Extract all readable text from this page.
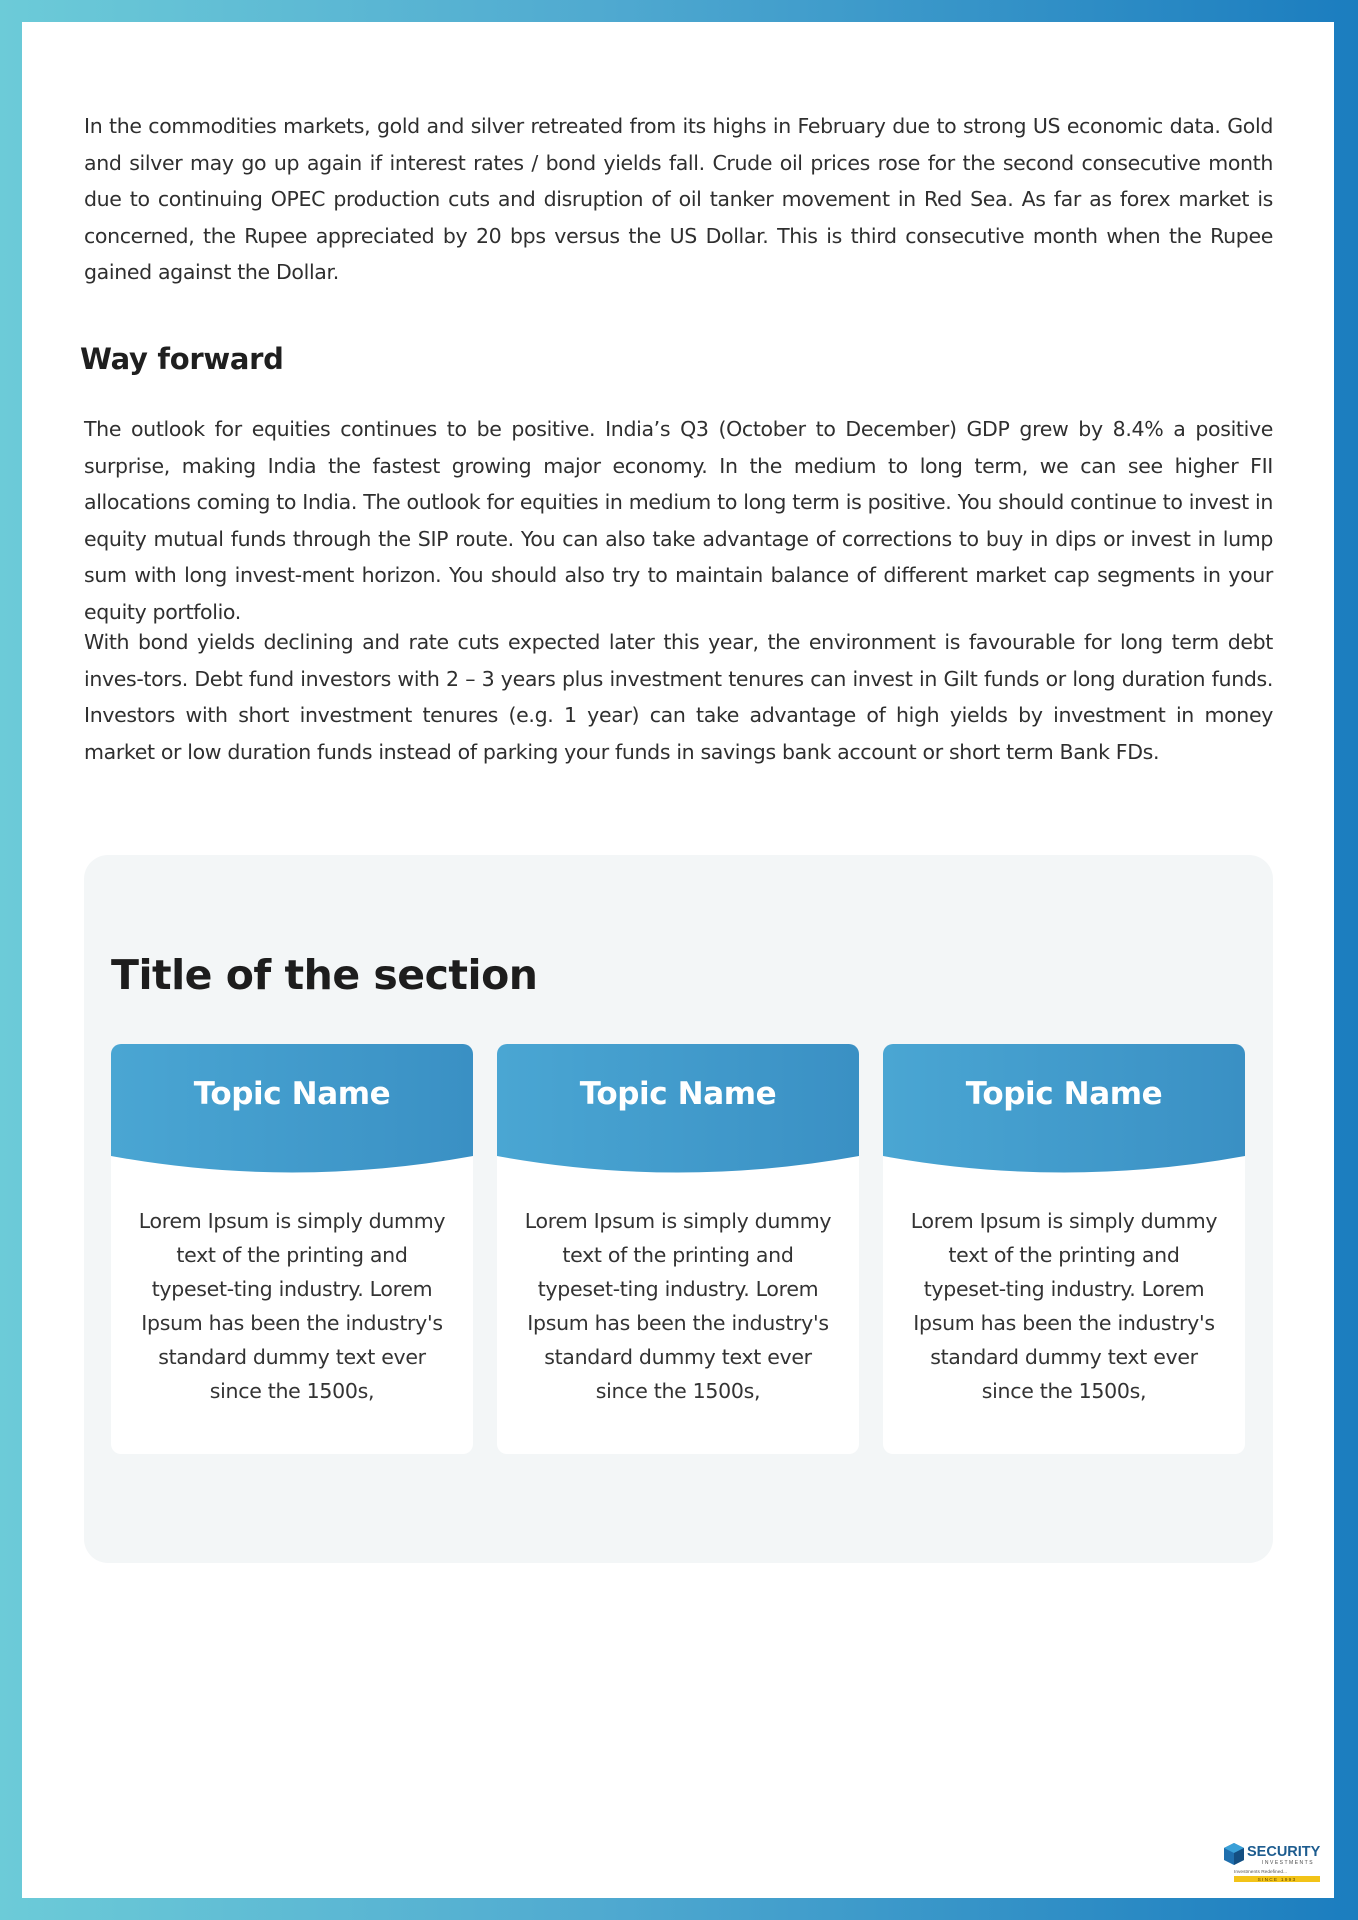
In the commodities markets, gold and silver retreated from its highs in February due to strong US economic data. Gold and silver may go up again if interest rates / bond yields fall. Crude oil prices rose for the second consecutive month due to continuing OPEC production cuts and disruption of oil tanker movement in Red Sea. As far as forex market is concerned, the Rupee appreciated by 20 bps versus the US Dollar. This is third consecutive month when the Rupee gained against the Dollar.

Way forward

The outlook for equities continues to be positive. India’s Q3 (October to December) GDP grew by 8.4% a positive surprise, making India the fastest growing major economy. In the medium to long term, we can see higher FII allocations coming to India. The outlook for equities in medium to long term is positive. You should continue to invest in equity mutual funds through the SIP route. You can also take advantage of corrections to buy in dips or invest in lump sum with long invest-ment horizon. You should also try to maintain balance of different market cap segments in your equity portfolio.

With bond yields declining and rate cuts expected later this year, the environment is favourable for long term debt inves-tors. Debt fund investors with 2 – 3 years plus investment tenures can invest in Gilt funds or long duration funds. Investors with short investment tenures (e.g. 1 year) can take advantage of high yields by investment in money market or low duration funds instead of parking your funds in savings bank account or short term Bank FDs.

Title of the section
Topic Name

Lorem Ipsum is simply dummy text of the printing and typeset-ting industry. Lorem Ipsum has been the industry's standard dummy text ever since the 1500s,

Topic Name

Lorem Ipsum is simply dummy text of the printing and typeset-ting industry. Lorem Ipsum has been the industry's standard dummy text ever since the 1500s,

Topic Name

Lorem Ipsum is simply dummy text of the printing and typeset-ting industry. Lorem Ipsum has been the industry's standard dummy text ever since the 1500s,

SECURITY
INVESTMENTS
Investments Redefined...
SINCE 1993
